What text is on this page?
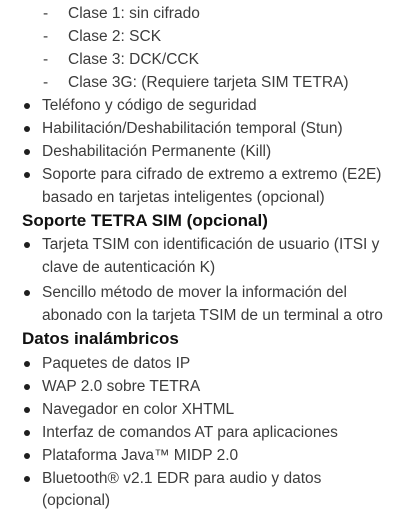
- Clase 1: sin cifrado
- Clase 2: SCK
- Clase 3: DCK/CCK
- Clase 3G: (Requiere tarjeta SIM TETRA)
Teléfono y código de seguridad
Habilitación/Deshabilitación temporal (Stun)
Deshabilitación Permanente (Kill)
Soporte para cifrado de extremo a extremo (E2E)
basado en tarjetas inteligentes (opcional)
Soporte TETRA SIM (opcional)
Tarjeta TSIM con identificación de usuario (ITSI y
clave de autenticación K)
Sencillo método de mover la información del
abonado con la tarjeta TSIM de un terminal a otro
Datos inalámbricos
Paquetes de datos IP
WAP 2.0 sobre TETRA
Navegador en color XHTML
Interfaz de comandos AT para aplicaciones
Plataforma Java™ MIDP 2.0
Bluetooth® v2.1 EDR para audio y datos
(opcional)
